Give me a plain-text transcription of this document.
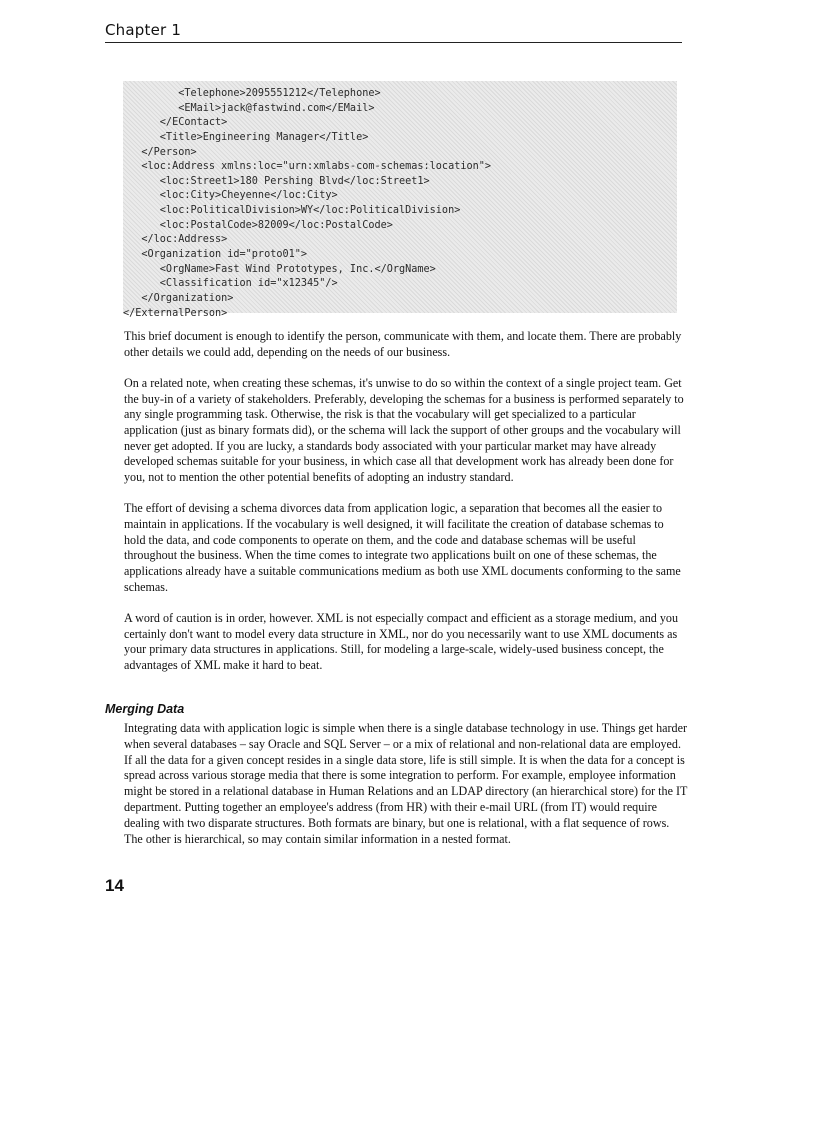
Chapter 1
<Telephone>2095551212</Telephone>
<EMail>jack@fastwind.com</EMail>
</EContact>
<Title>Engineering Manager</Title>
</Person>
<loc:Address xmlns:loc="urn:xmlabs-com-schemas:location">
<loc:Street1>180 Pershing Blvd</loc:Street1>
<loc:City>Cheyenne</loc:City>
<loc:PoliticalDivision>WY</loc:PoliticalDivision>
<loc:PostalCode>82009</loc:PostalCode>
</loc:Address>
<Organization id="proto01">
<OrgName>Fast Wind Prototypes, Inc.</OrgName>
<Classification id="x12345"/>
</Organization>
</ExternalPerson>

This brief document is enough to identify the person, communicate with them, and locate them. There are probably other details we could add, depending on the needs of our business.

On a related note, when creating these schemas, it's unwise to do so within the context of a single project team. Get the buy-in of a variety of stakeholders. Preferably, developing the schemas for a business is performed separately to any single programming task. Otherwise, the risk is that the vocabulary will get specialized to a particular application (just as binary formats did), or the schema will lack the support of other groups and the vocabulary will never get adopted. If you are lucky, a standards body associated with your particular market may have already developed schemas suitable for your business, in which case all that development work has already been done for you, not to mention the other potential benefits of adopting an industry standard.

The effort of devising a schema divorces data from application logic, a separation that becomes all the easier to maintain in applications. If the vocabulary is well designed, it will facilitate the creation of database schemas to hold the data, and code components to operate on them, and the code and database schemas will be useful throughout the business. When the time comes to integrate two applications built on one of these schemas, the applications already have a suitable communications medium as both use XML documents conforming to the same schemas.

A word of caution is in order, however. XML is not especially compact and efficient as a storage medium, and you certainly don't want to model every data structure in XML, nor do you necessarily want to use XML documents as your primary data structures in applications. Still, for modeling a large-scale, widely-used business concept, the advantages of XML make it hard to beat.

Merging Data

Integrating data with application logic is simple when there is a single database technology in use. Things get harder when several databases – say Oracle and SQL Server – or a mix of relational and non-relational data are employed. If all the data for a given concept resides in a single data store, life is still simple. It is when the data for a concept is spread across various storage media that there is some integration to perform. For example, employee information might be stored in a relational database in Human Relations and an LDAP directory (an hierarchical store) for the IT department. Putting together an employee's address (from HR) with their e-mail URL (from IT) would require dealing with two disparate structures. Both formats are binary, but one is relational, with a flat sequence of rows. The other is hierarchical, so may contain similar information in a nested format.

14
